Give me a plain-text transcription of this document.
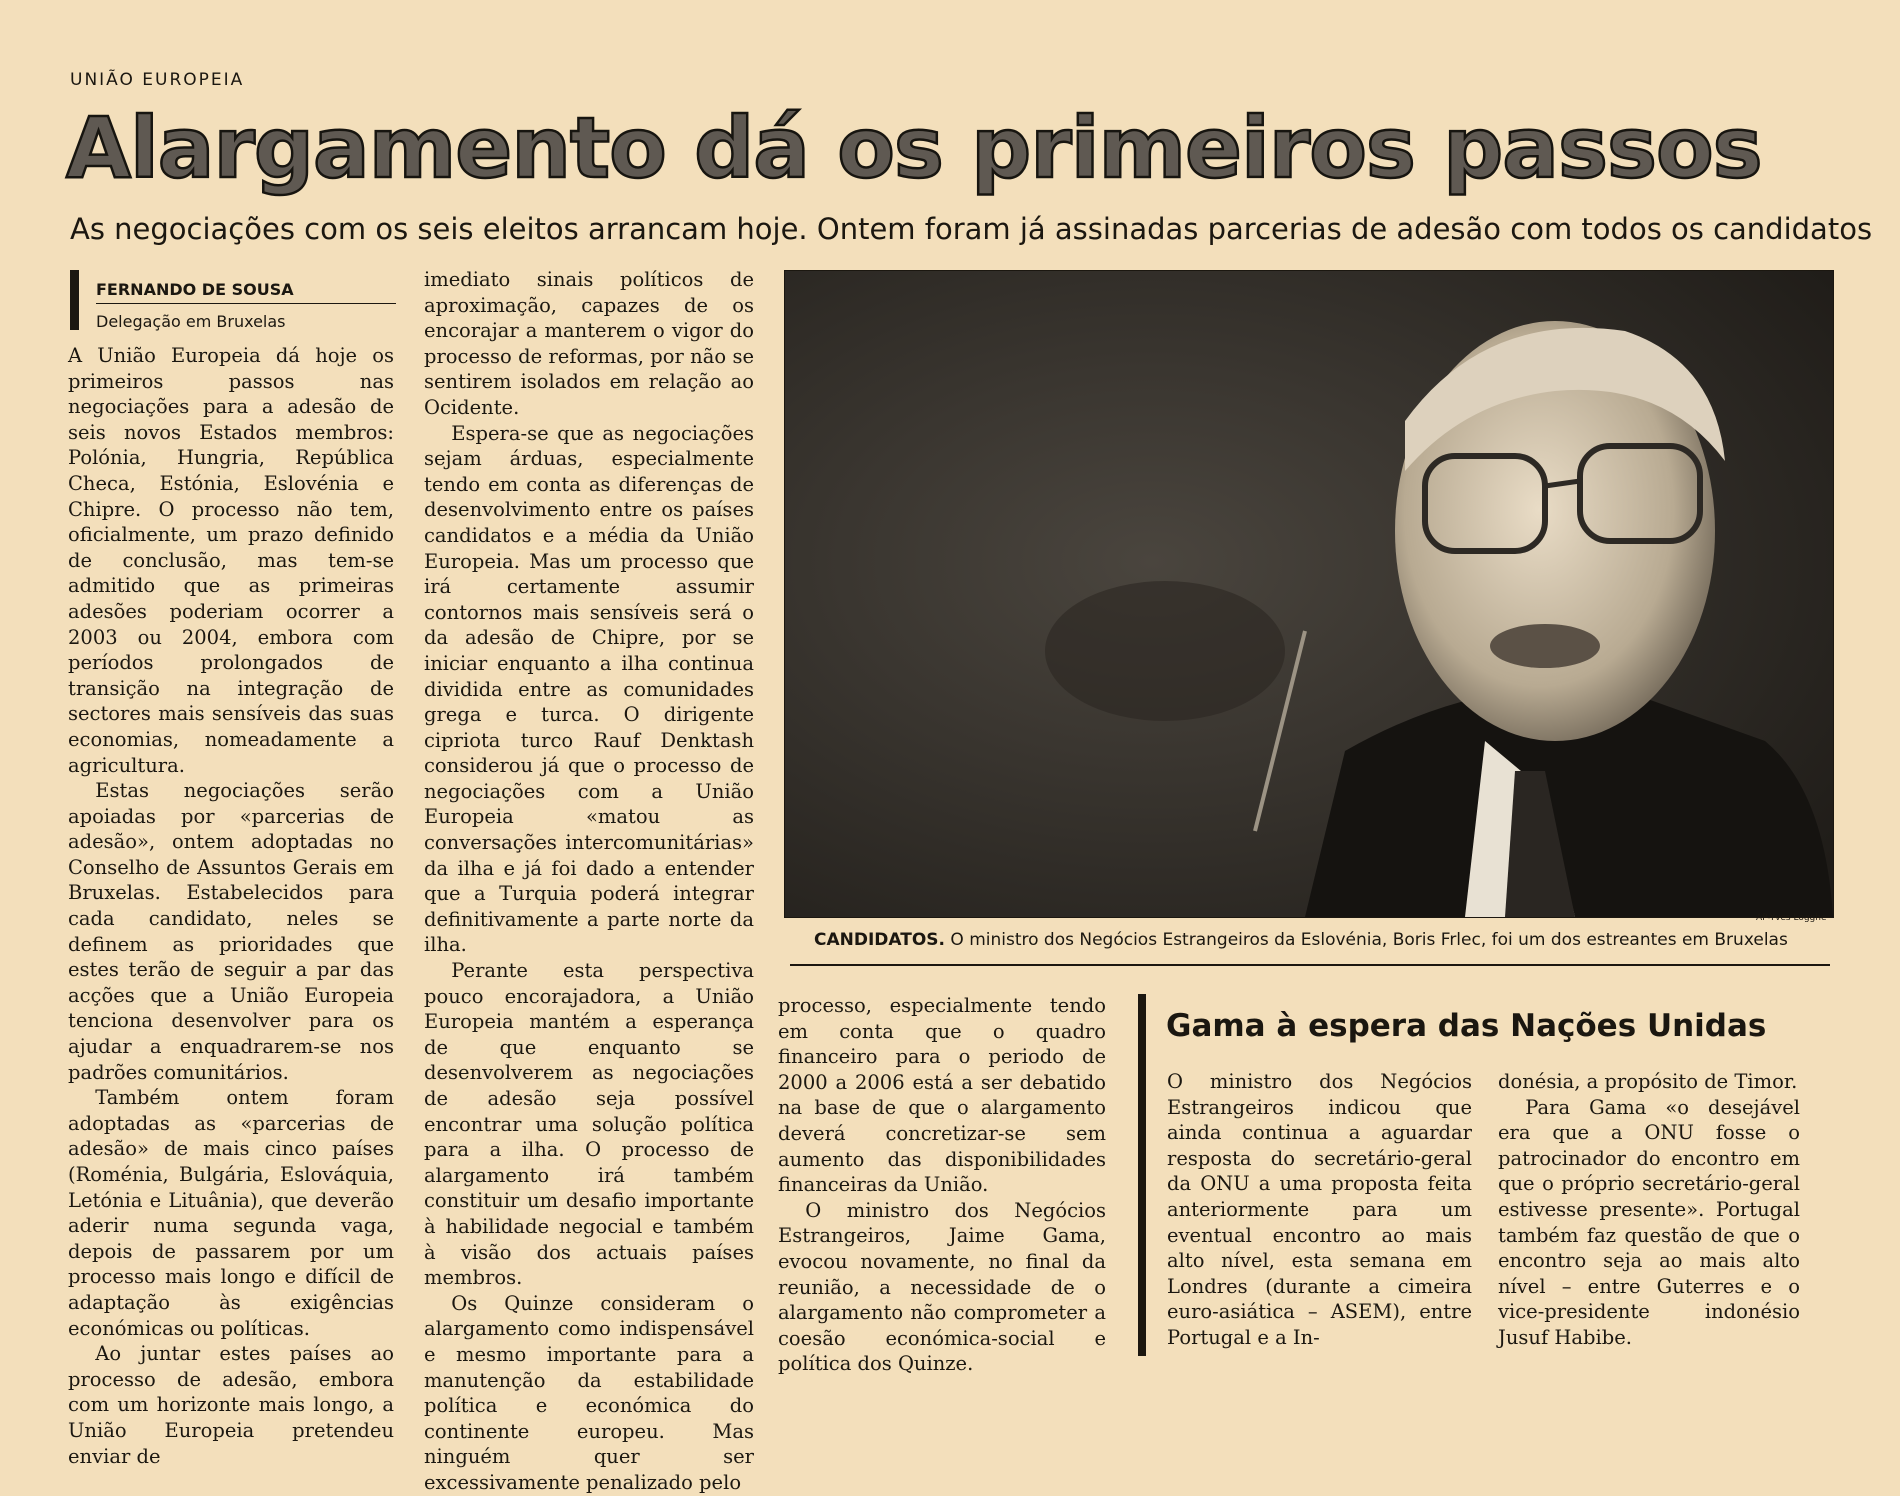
UNIÃO EUROPEIA
Alargamento dá os primeiros passos
As negociações com os seis eleitos arrancam hoje. Ontem foram já assinadas parcerias de adesão com todos os candidatos
FERNANDO DE SOUSA
Delegação em Bruxelas

A União Europeia dá hoje os primeiros passos nas negociações para a adesão de seis novos Estados membros: Polónia, Hungria, República Checa, Estónia, Eslovénia e Chipre. O processo não tem, oficialmente, um prazo definido de conclusão, mas tem-se admitido que as primeiras adesões poderiam ocorrer a 2003 ou 2004, embora com períodos prolongados de transição na integração de sectores mais sensíveis das suas economias, nomeadamente a agricultura.

Estas negociações serão apoiadas por «parcerias de adesão», ontem adoptadas no Conselho de Assuntos Gerais em Bruxelas. Estabelecidos para cada candidato, neles se definem as prioridades que estes terão de seguir a par das acções que a União Europeia tenciona desenvolver para os ajudar a enquadrarem-se nos padrões comunitários.

Também ontem foram adoptadas as «parcerias de adesão» de mais cinco países (Roménia, Bulgária, Eslováquia, Letónia e Lituânia), que deverão aderir numa segunda vaga, depois de passarem por um processo mais longo e difícil de adaptação às exigências económicas ou políticas.

Ao juntar estes países ao processo de adesão, embora com um horizonte mais longo, a União Europeia pretendeu enviar de

imediato sinais políticos de aproximação, capazes de os encorajar a manterem o vigor do processo de reformas, por não se sentirem isolados em relação ao Ocidente.

Espera-se que as negociações sejam árduas, especialmente tendo em conta as diferenças de desenvolvimento entre os países candidatos e a média da União Europeia. Mas um processo que irá certamente assumir contornos mais sensíveis será o da adesão de Chipre, por se iniciar enquanto a ilha continua dividida entre as comunidades grega e turca. O dirigente cipriota turco Rauf Denktash considerou já que o processo de negociações com a União Europeia «matou as conversações intercomunitárias» da ilha e já foi dado a entender que a Turquia poderá integrar definitivamente a parte norte da ilha.

Perante esta perspectiva pouco encorajadora, a União Europeia mantém a esperança de que enquanto se desenvolverem as negociações de adesão seja possível encontrar uma solução política para a ilha. O processo de alargamento irá também constituir um desafio importante à habilidade negocial e também à visão dos actuais países membros.

Os Quinze consideram o alargamento como indispensável e mesmo importante para a manutenção da estabilidade política e económica do continente europeu. Mas ninguém quer ser excessivamente penalizado pelo

AP-Yves Logghe
CANDIDATOS. O ministro dos Negócios Estrangeiros da Eslovénia, Boris Frlec, foi um dos estreantes em Bruxelas

processo, especialmente tendo em conta que o quadro financeiro para o periodo de 2000 a 2006 está a ser debatido na base de que o alargamento deverá concretizar-se sem aumento das disponibilidades financeiras da União.

O ministro dos Negócios Estrangeiros, Jaime Gama, evocou novamente, no final da reunião, a necessidade de o alargamento não comprometer a coesão económica-social e política dos Quinze.

Gama à espera das Nações Unidas

O ministro dos Negócios Estrangeiros indicou que ainda continua a aguardar resposta do secretário-geral da ONU a uma proposta feita anteriormente para um eventual encontro ao mais alto nível, esta semana em Londres (durante a cimeira euro-asiática – ASEM), entre Portugal e a In-

donésia, a propósito de Timor.

Para Gama «o desejável era que a ONU fosse o patrocinador do encontro em que o próprio secretário-geral estivesse presente». Portugal também faz questão de que o encontro seja ao mais alto nível – entre Guterres e o vice-presidente indonésio Jusuf Habibe.
